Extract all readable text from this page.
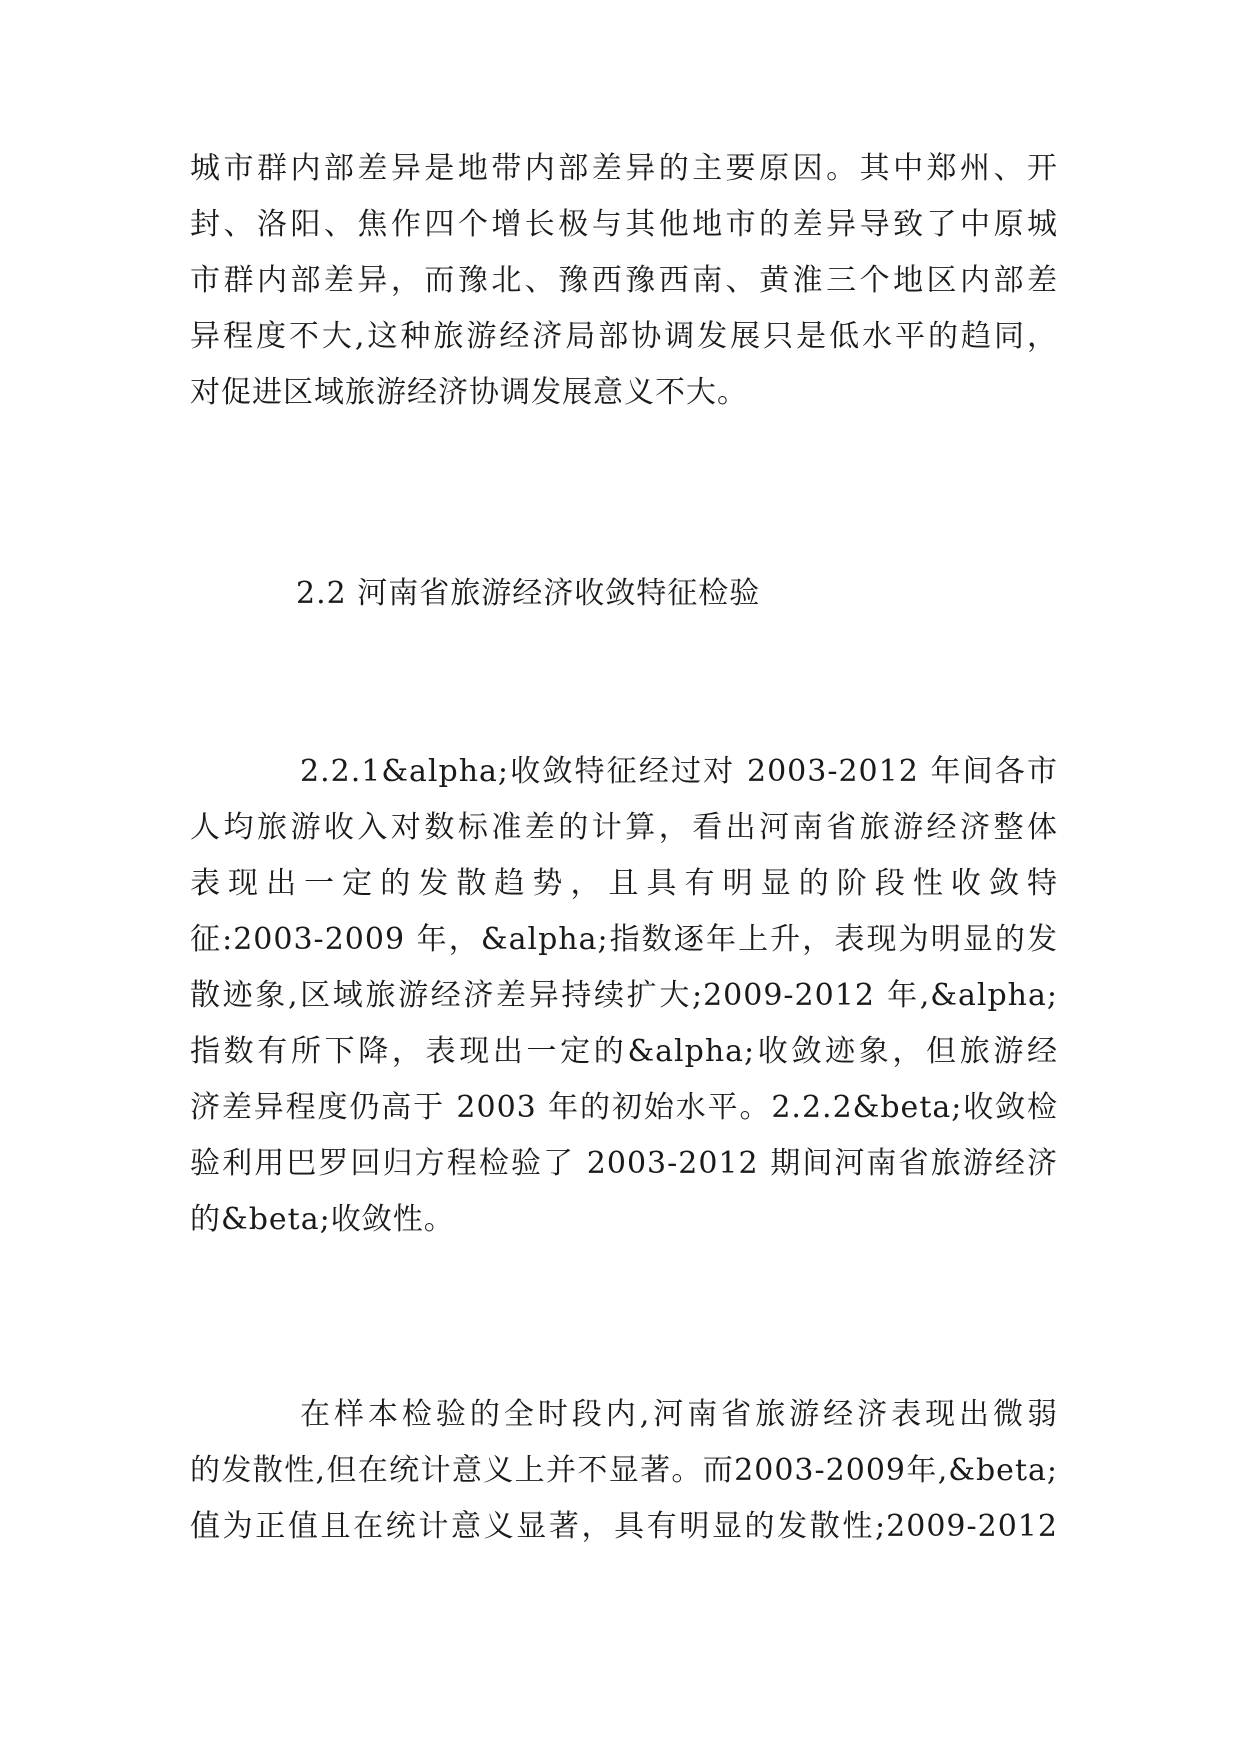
城市群内部差异是地带内部差异的主要原因。其中郑州、开
封、洛阳、焦作四个增长极与其他地市的差异导致了中原城
市群内部差异，而豫北、豫西豫西南、黄淮三个地区内部差
异程度不大,这种旅游经济局部协调发展只是低水平的趋同，
对促进区域旅游经济协调发展意义不大。
2.2 河南省旅游经济收敛特征检验
2.2.1&alpha;收敛特征经过对 2003-2012 年间各市
人均旅游收入对数标准差的计算，看出河南省旅游经济整体
表现出一定的发散趋势，且具有明显的阶段性收敛特
征:2003-2009 年，&alpha;指数逐年上升，表现为明显的发
散迹象,区域旅游经济差异持续扩大;2009-2012 年,&alpha;
指数有所下降，表现出一定的&alpha;收敛迹象，但旅游经
济差异程度仍高于 2003 年的初始水平。2.2.2&beta;收敛检
验利用巴罗回归方程检验了 2003-2012 期间河南省旅游经济
的&beta;收敛性。
在样本检验的全时段内,河南省旅游经济表现出微弱
的发散性,但在统计意义上并不显著。而2003-2009年,&beta;
值为正值且在统计意义显著，具有明显的发散性;2009-2012
